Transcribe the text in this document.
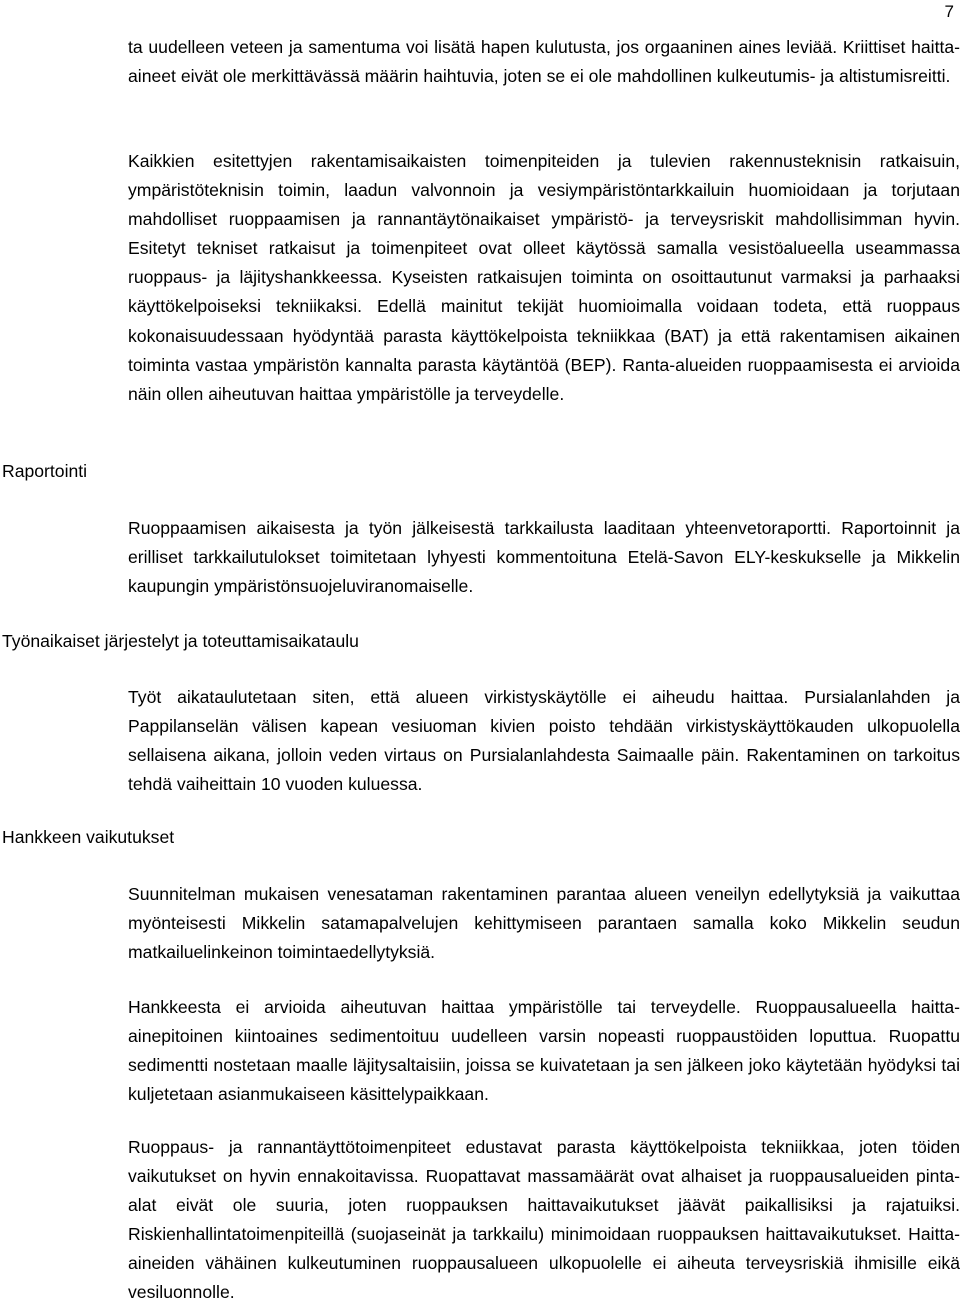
7

ta uudelleen veteen ja samentuma voi lisätä hapen kulutusta, jos orgaaninen aines leviää. Kriittiset haitta-aineet eivät ole merkittävässä määrin haihtuvia, joten se ei ole mahdollinen kulkeutumis- ja altistumisreitti.

Kaikkien esitettyjen rakentamisaikaisten toimenpiteiden ja tulevien rakennusteknisin ratkaisuin, ympäristöteknisin toimin, laadun valvonnoin ja vesiympäristöntarkkailuin huomioidaan ja torjutaan mahdolliset ruoppaamisen ja rannantäytönaikaiset ympäristö- ja terveysriskit mahdollisimman hyvin. Esitetyt tekniset ratkaisut ja toimenpiteet ovat olleet käytössä samalla vesistöalueella useammassa ruoppaus- ja läjityshankkeessa. Kyseisten ratkaisujen toiminta on osoittautunut varmaksi ja parhaaksi käyttökelpoiseksi tekniikaksi. Edellä mainitut tekijät huomioimalla voidaan todeta, että ruoppaus kokonaisuudessaan hyödyntää parasta käyttökelpoista tekniikkaa (BAT) ja että rakentamisen aikainen toiminta vastaa ympäristön kannalta parasta käytäntöä (BEP). Ranta-alueiden ruoppaamisesta ei arvioida näin ollen aiheutuvan haittaa ympäristölle ja terveydelle.

Raportointi

Ruoppaamisen aikaisesta ja työn jälkeisestä tarkkailusta laaditaan yhteenvetoraportti. Raportoinnit ja erilliset tarkkailutulokset toimitetaan lyhyesti kommentoituna Etelä-Savon ELY-keskukselle ja Mikkelin kaupungin ympäristönsuojeluviranomaiselle.

Työnaikaiset järjestelyt ja toteuttamisaikataulu

Työt aikataulutetaan siten, että alueen virkistyskäytölle ei aiheudu haittaa. Pursialanlahden ja Pappilanselän välisen kapean vesiuoman kivien poisto tehdään virkistyskäyttökauden ulkopuolella sellaisena aikana, jolloin veden virtaus on Pursialanlahdesta Saimaalle päin. Rakentaminen on tarkoitus tehdä vaiheittain 10 vuoden kuluessa.

Hankkeen vaikutukset

Suunnitelman mukaisen venesataman rakentaminen parantaa alueen veneilyn edellytyksiä ja vaikuttaa myönteisesti Mikkelin satamapalvelujen kehittymiseen parantaen samalla koko Mikkelin seudun matkailuelinkeinon toimintaedellytyksiä.

Hankkeesta ei arvioida aiheutuvan haittaa ympäristölle tai terveydelle. Ruoppausalueella haitta-ainepitoinen kiintoaines sedimentoituu uudelleen varsin nopeasti ruoppaustöiden loputtua. Ruopattu sedimentti nostetaan maalle läjitysaltaisiin, joissa se kuivatetaan ja sen jälkeen joko käytetään hyödyksi tai kuljetetaan asianmukaiseen käsittelypaikkaan.

Ruoppaus- ja rannantäyttötoimenpiteet edustavat parasta käyttökelpoista tekniikkaa, joten töiden vaikutukset on hyvin ennakoitavissa. Ruopattavat massamäärät ovat alhaiset ja ruoppausalueiden pinta-alat eivät ole suuria, joten ruoppauksen haittavaikutukset jäävät paikallisiksi ja rajatuiksi. Riskienhallintatoimenpiteillä (suojaseinät ja tarkkailu) minimoidaan ruoppauksen haittavaikutukset. Haitta-aineiden vähäinen kulkeutuminen ruoppausalueen ulkopuolelle ei aiheuta terveysriskiä ihmisille eikä vesiluonnolle.
